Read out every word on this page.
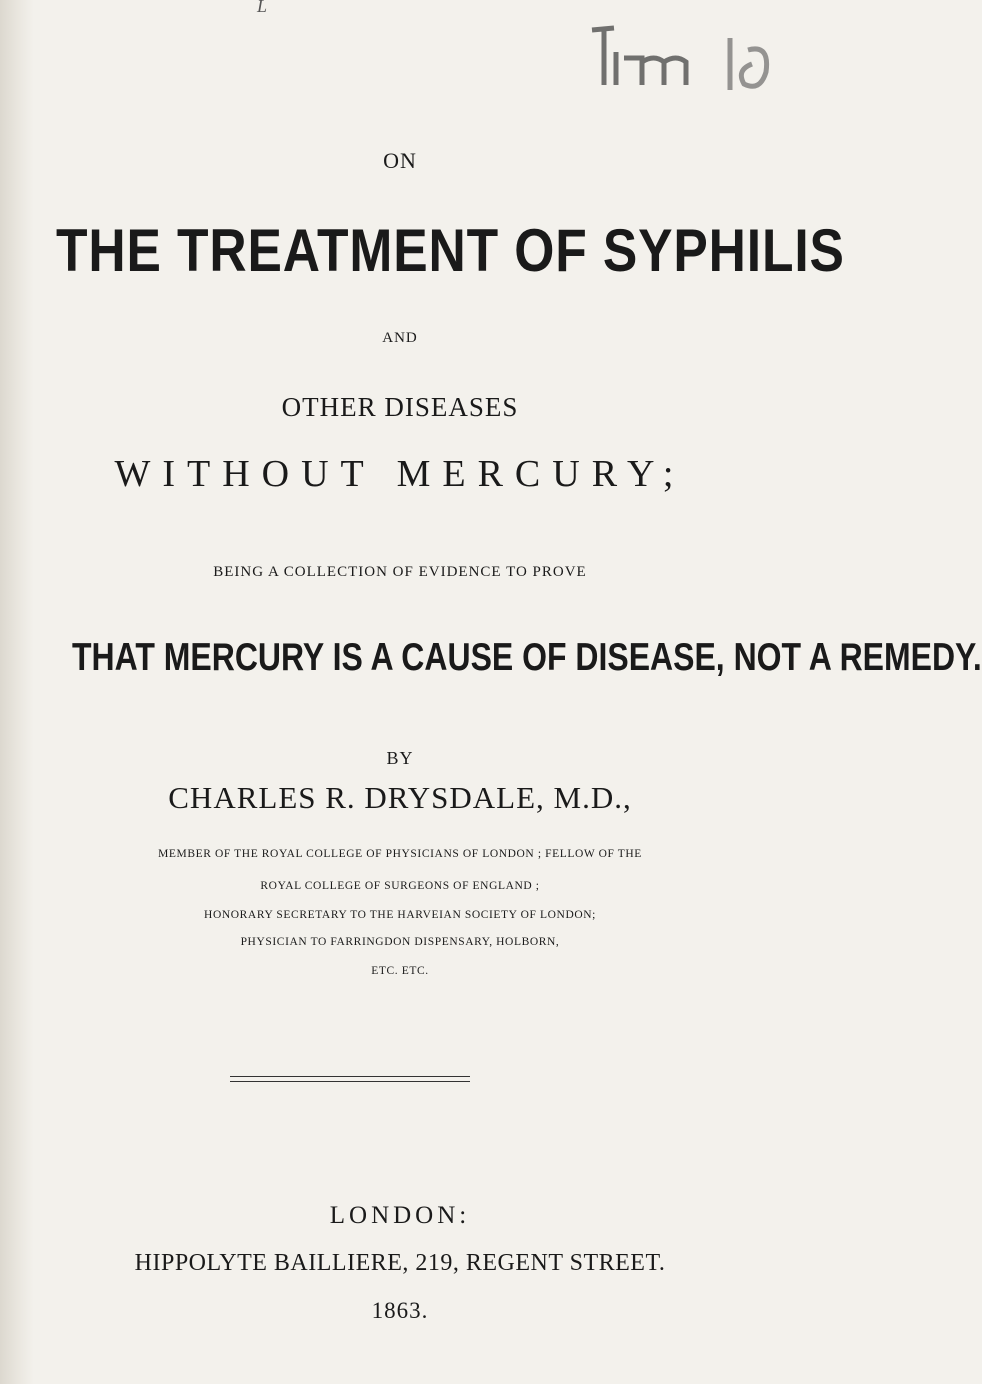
L
Item 18
ON
THE TREATMENT OF SYPHILIS
AND
OTHER DISEASES
WITHOUT MERCURY;
BEING A COLLECTION OF EVIDENCE TO PROVE
THAT MERCURY IS A CAUSE OF DISEASE, NOT A REMEDY.
BY
CHARLES R. DRYSDALE, M.D.,
MEMBER OF THE ROYAL COLLEGE OF PHYSICIANS OF LONDON ; FELLOW OF THE
ROYAL COLLEGE OF SURGEONS OF ENGLAND ;
HONORARY SECRETARY TO THE HARVEIAN SOCIETY OF LONDON;
PHYSICIAN TO FARRINGDON DISPENSARY, HOLBORN,
ETC. ETC.
LONDON:
HIPPOLYTE BAILLIERE, 219, REGENT STREET.
1863.
